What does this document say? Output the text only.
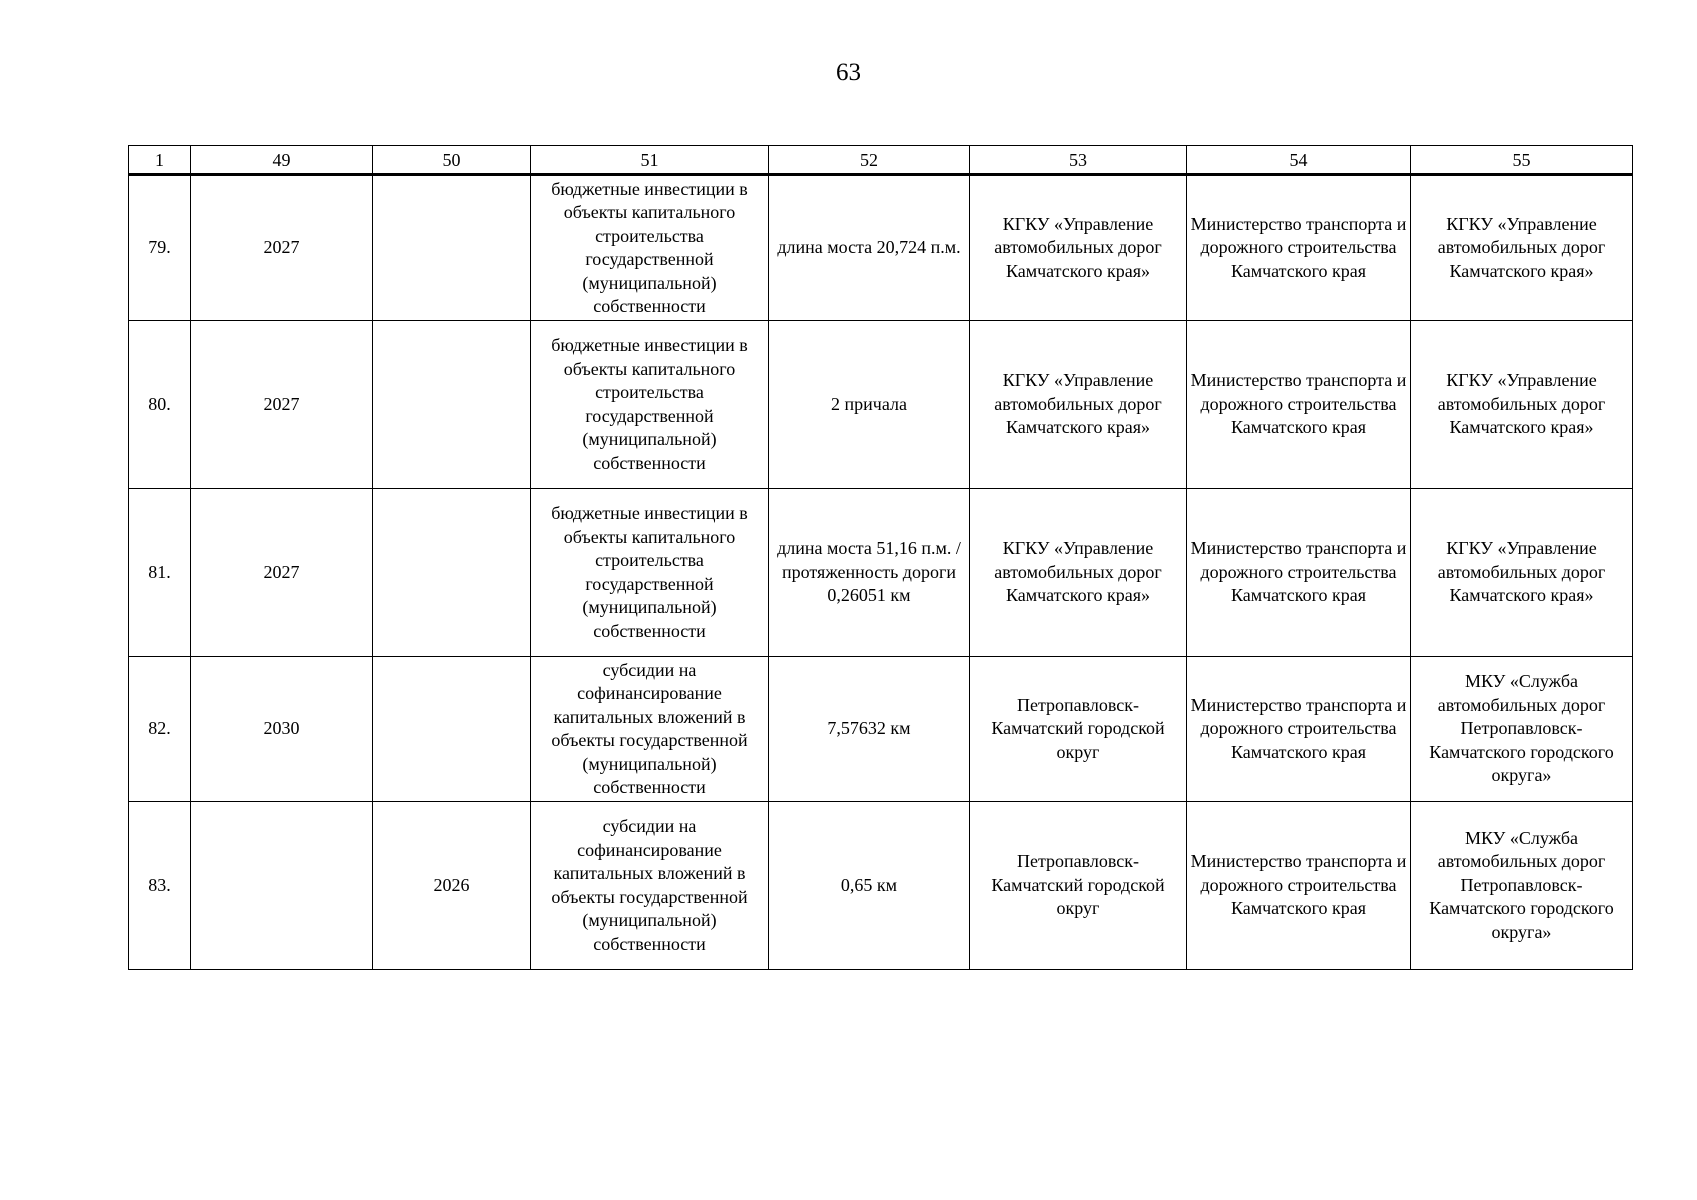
63
1	49	50	51	52	53	54	55
79.	2027		бюджетные инвестиции в объекты капитального строительства государственной (муниципальной) собственности	длина моста 20,724 п.м.	КГКУ «Управление автомобильных дорог Камчатского края»	Министерство транспорта и дорожного строительства Камчатского края	КГКУ «Управление автомобильных дорог Камчатского края»
80.	2027		бюджетные инвестиции в объекты капитального строительства государственной (муниципальной) собственности	2 причала	КГКУ «Управление автомобильных дорог Камчатского края»	Министерство транспорта и дорожного строительства Камчатского края	КГКУ «Управление автомобильных дорог Камчатского края»
81.	2027		бюджетные инвестиции в объекты капитального строительства государственной (муниципальной) собственности	длина моста 51,16 п.м. / протяженность дороги 0,26051 км	КГКУ «Управление автомобильных дорог Камчатского края»	Министерство транспорта и дорожного строительства Камчатского края	КГКУ «Управление автомобильных дорог Камчатского края»
82.	2030		субсидии на софинансирование капитальных вложений в объекты государственной (муниципальной) собственности	7,57632 км	Петропавловск-Камчатский городской округ	Министерство транспорта и дорожного строительства Камчатского края	МКУ «Служба автомобильных дорог Петропавловск-Камчатского городского округа»
83.		2026	субсидии на софинансирование капитальных вложений в объекты государственной (муниципальной) собственности	0,65 км	Петропавловск-Камчатский городской округ	Министерство транспорта и дорожного строительства Камчатского края	МКУ «Служба автомобильных дорог Петропавловск-Камчатского городского округа»
